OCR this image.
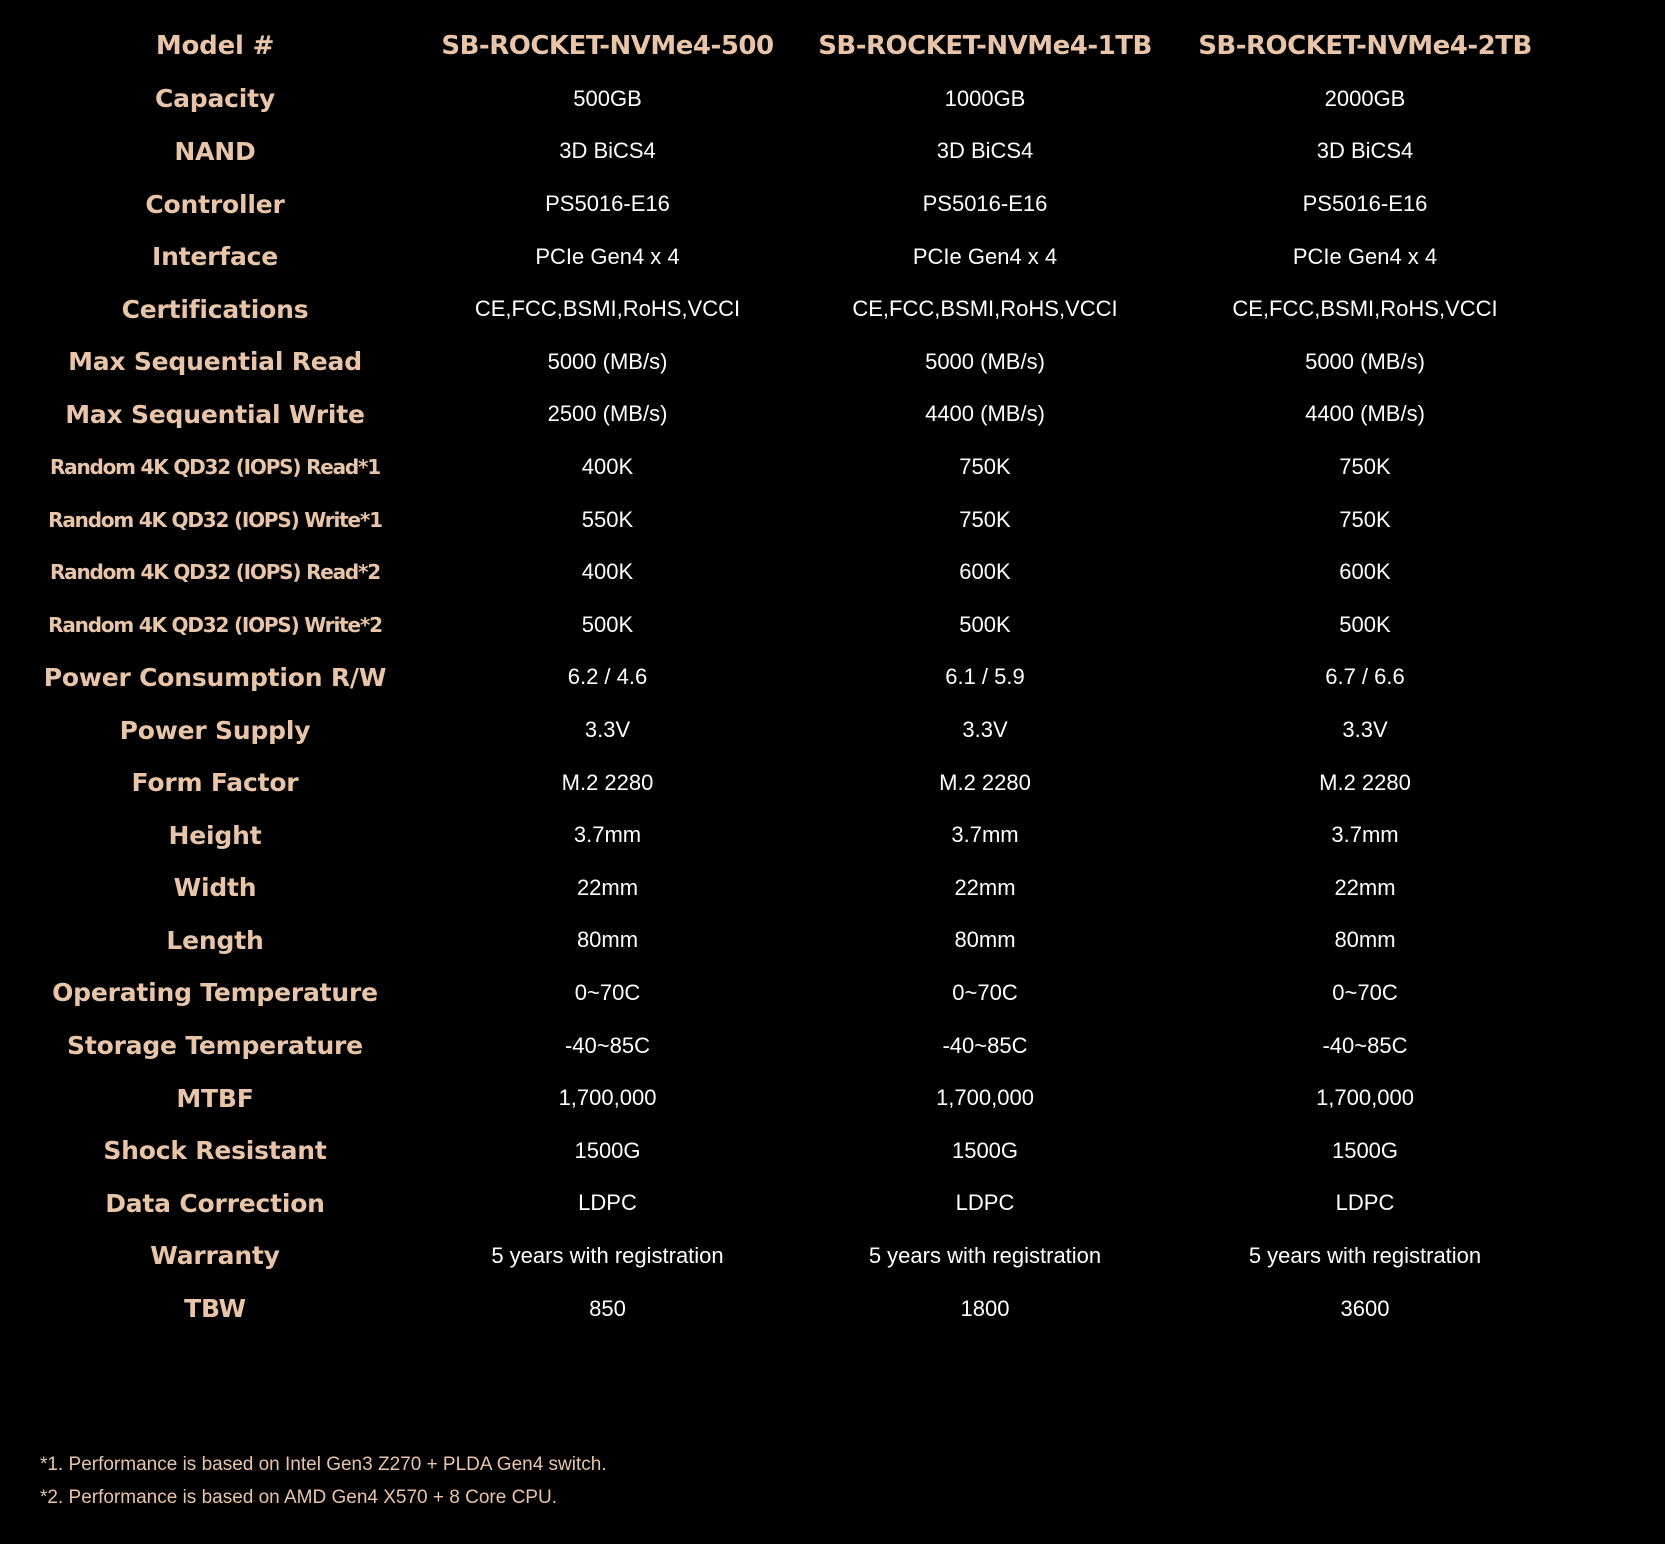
Model #	SB-ROCKET-NVMe4-500	SB-ROCKET-NVMe4-1TB	SB-ROCKET-NVMe4-2TB
Capacity	500GB	1000GB	2000GB
NAND	3D BiCS4	3D BiCS4	3D BiCS4
Controller	PS5016-E16	PS5016-E16	PS5016-E16
Interface	PCIe Gen4 x 4	PCIe Gen4 x 4	PCIe Gen4 x 4
Certifications	CE,FCC,BSMI,RoHS,VCCI	CE,FCC,BSMI,RoHS,VCCI	CE,FCC,BSMI,RoHS,VCCI
Max Sequential Read	5000 (MB/s)	5000 (MB/s)	5000 (MB/s)
Max Sequential Write	2500 (MB/s)	4400 (MB/s)	4400 (MB/s)
Random 4K QD32 (IOPS) Read*1	400K	750K	750K
Random 4K QD32 (IOPS) Write*1	550K	750K	750K
Random 4K QD32 (IOPS) Read*2	400K	600K	600K
Random 4K QD32 (IOPS) Write*2	500K	500K	500K
Power Consumption R/W	6.2 / 4.6	6.1 / 5.9	6.7 / 6.6
Power Supply	3.3V	3.3V	3.3V
Form Factor	M.2 2280	M.2 2280	M.2 2280
Height	3.7mm	3.7mm	3.7mm
Width	22mm	22mm	22mm
Length	80mm	80mm	80mm
Operating Temperature	0~70C	0~70C	0~70C
Storage Temperature	-40~85C	-40~85C	-40~85C
MTBF	1,700,000	1,700,000	1,700,000
Shock Resistant	1500G	1500G	1500G
Data Correction	LDPC	LDPC	LDPC
Warranty	5 years with registration	5 years with registration	5 years with registration
TBW	850	1800	3600
*1. Performance is based on Intel Gen3 Z270 + PLDA Gen4 switch.
*2. Performance is based on AMD Gen4 X570 + 8 Core CPU.
